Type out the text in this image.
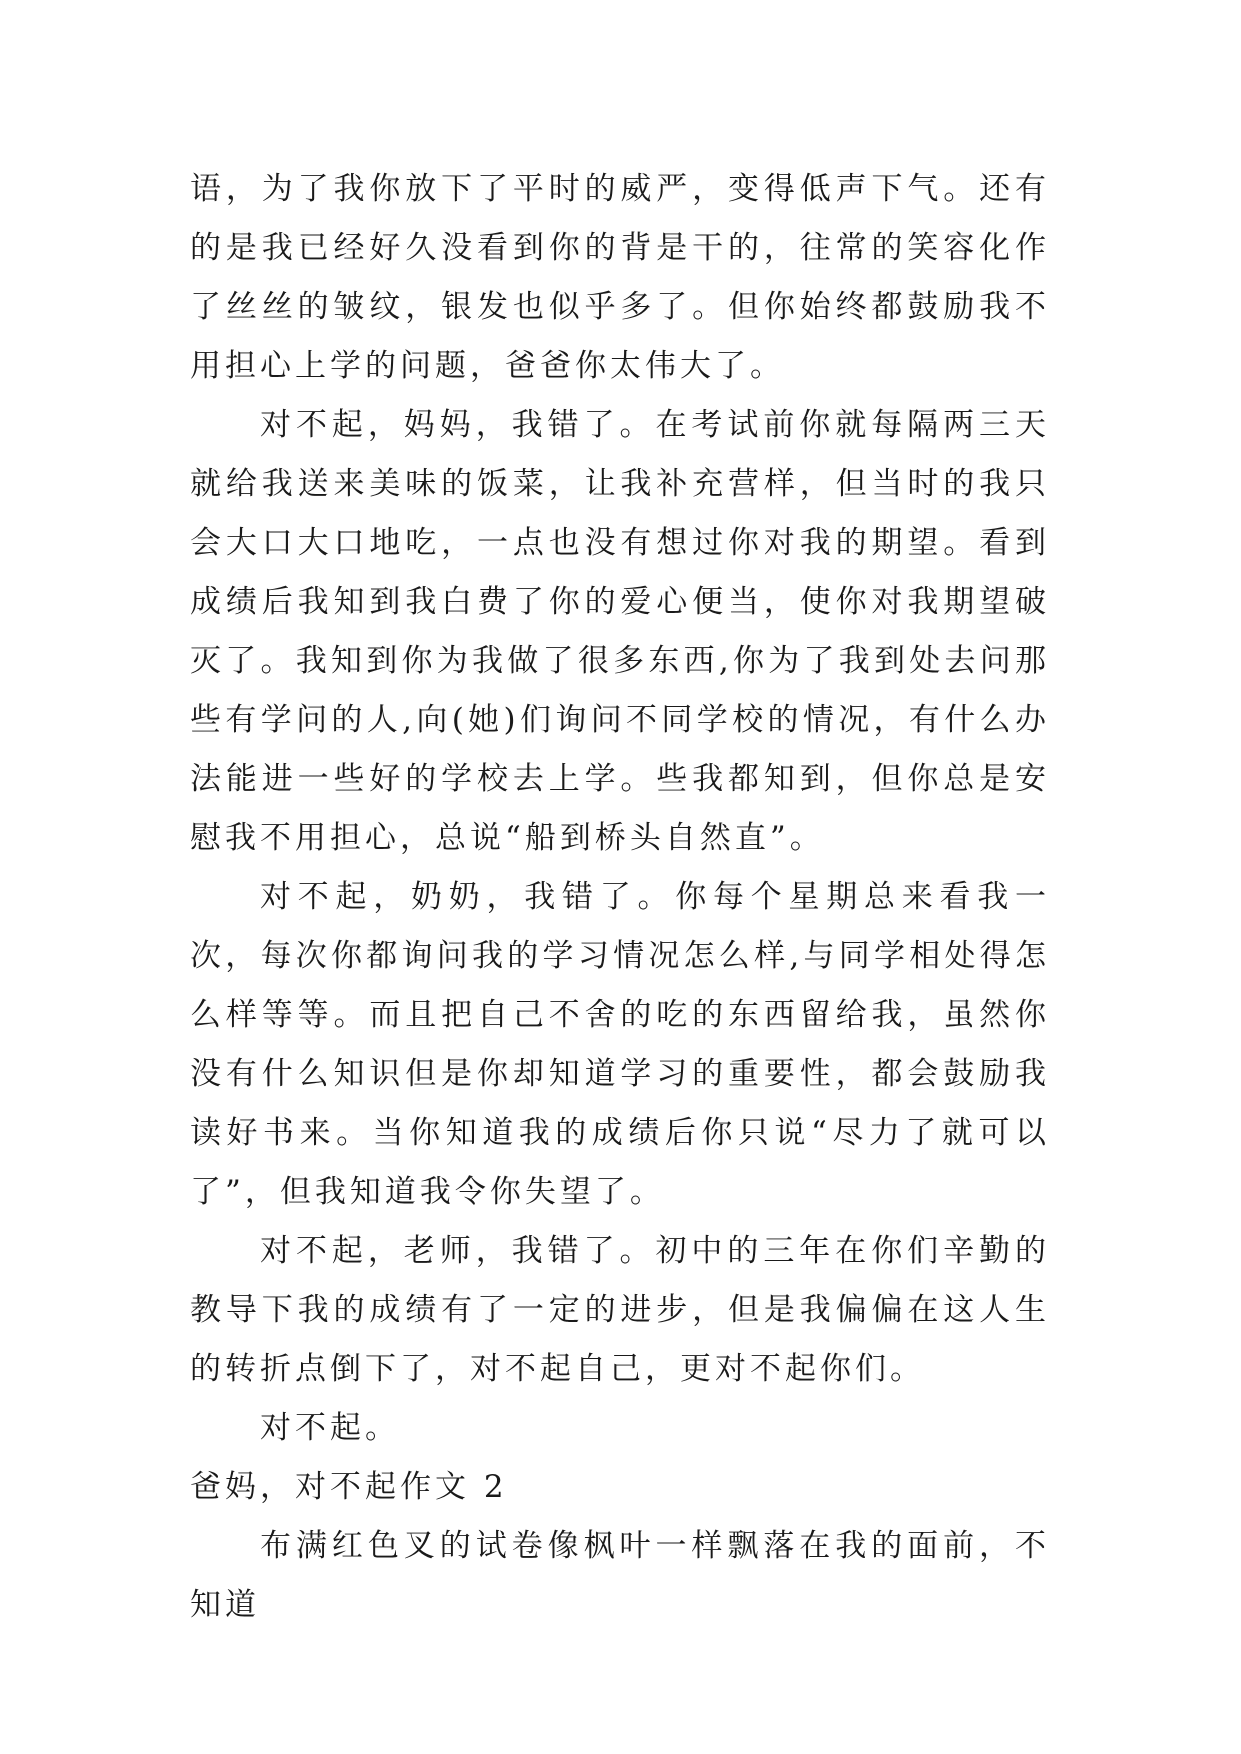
语，为了我你放下了平时的威严，变得低声下气。还有的是我已经好久没看到你的背是干的，往常的笑容化作了丝丝的皱纹，银发也似乎多了。但你始终都鼓励我不用担心上学的问题，爸爸你太伟大了。

对不起，妈妈，我错了。在考试前你就每隔两三天就给我送来美味的饭菜，让我补充营样，但当时的我只会大口大口地吃，一点也没有想过你对我的期望。看到成绩后我知到我白费了你的爱心便当，使你对我期望破灭了。我知到你为我做了很多东西,你为了我到处去问那些有学问的人,向(她)们询问不同学校的情况，有什么办法能进一些好的学校去上学。些我都知到，但你总是安慰我不用担心，总说“船到桥头自然直”。

对不起，奶奶，我错了。你每个星期总来看我一次，每次你都询问我的学习情况怎么样,与同学相处得怎么样等等。而且把自己不舍的吃的东西留给我，虽然你没有什么知识但是你却知道学习的重要性，都会鼓励我读好书来。当你知道我的成绩后你只说“尽力了就可以了”，但我知道我令你失望了。

对不起，老师，我错了。初中的三年在你们辛勤的教导下我的成绩有了一定的进步，但是我偏偏在这人生的转折点倒下了，对不起自己，更对不起你们。

对不起。

爸妈，对不起作文 2

布满红色叉的试卷像枫叶一样飘落在我的面前，不知道
